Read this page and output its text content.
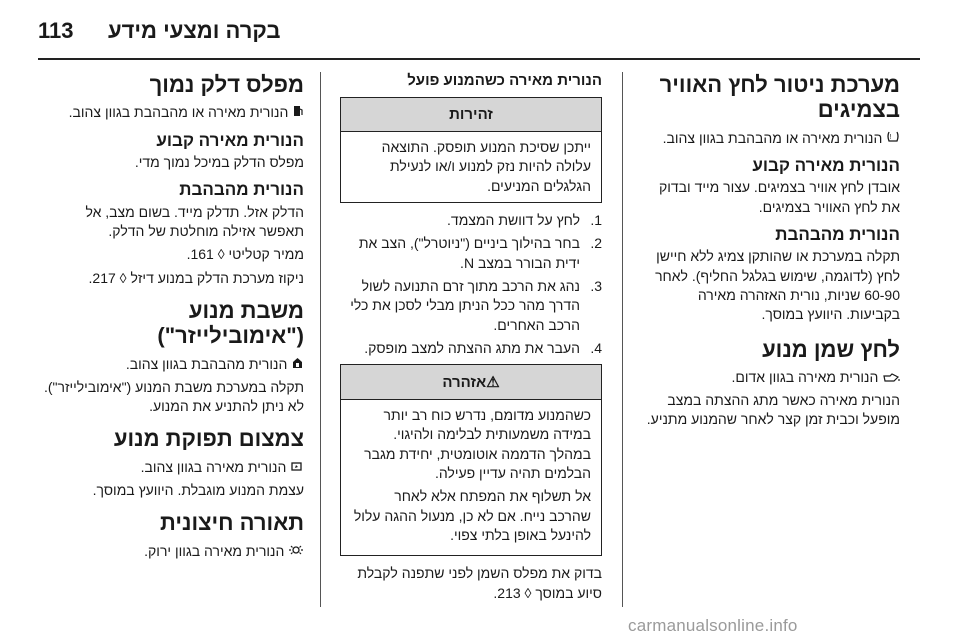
113 בקרה ומצעי מידע
מערכת ניטור לחץ האוויר בצמיגים

!
הנורית מאירה או מהבהבת בגוון צהוב.

הנורית מאירה קבוע

אובדן לחץ אוויר בצמיגים. עצור מייד ובדוק את לחץ האוויר בצמיגים.

הנורית מהבהבת

תקלה במערכת או שהותקן צמיג ללא חיישן לחץ (לדוגמה, שימוש בגלגל החליף). לאחר 60-90 שניות, נורית האזהרה מאירה בקביעות. היוועץ במוסך.

לחץ שמן מנוע

הנורית מאירה בגוון אדום.

הנורית מאירה כאשר מתג ההצתה במצב מופעל וכבית זמן קצר לאחר שהמנוע מתניע.

הנורית מאירה כשהמנוע פועל
זהירות
ייתכן שסיכת המנוע תופסק. התוצאה עלולה להיות נזק למנוע ו/או לנעילת הגלגלים המניעים.
1.
לחץ על דוושת המצמד.
2.
בחר בהילוך ביניים ("ניוטרל"), הצב את ידית הבורר במצב N.
3.
נהג את הרכב מתוך זרם התנועה לשול הדרך מהר ככל הניתן מבלי לסכן את כלי הרכב האחרים.
4.
העבר את מתג ההצתה למצב מופסק.
⚠אזהרה

כשהמנוע מדומם, נדרש כוח רב יותר במידה משמעותית לבלימה ולהיגוי. במהלך הדממה אוטומטית, יחידת מגבר הבלמים תהיה עדיין פעילה.

אל תשלוף את המפתח אלא לאחר שהרכב נייח. אם לא כן, מנעול ההגה עלול להינעל באופן בלתי צפוי.

בדוק את מפלס השמן לפני שתפנה לקבלת סיוע במוסך ◊ 213.

מפלס דלק נמוך

הנורית מאירה או מהבהבת בגוון צהוב.

הנורית מאירה קבוע

מפלס הדלק במיכל נמוך מדי.

הנורית מהבהבת

הדלק אזל. תדלק מייד. בשום מצב, אל תאפשר אזילה מוחלטת של הדלק.

ממיר קטליטי ◊ 161.

ניקוז מערכת הדלק במנוע דיזל ◊ 217.

משבת מנוע ("אימובילייזר")

הנורית מהבהבת בגוון צהוב.

תקלה במערכת משבת המנוע ("אימובילייזר"). לא ניתן להתניע את המנוע.

צמצום תפוקת מנוע

הנורית מאירה בגוון צהוב.

עצמת המנוע מוגבלת. היוועץ במוסך.

תאורה חיצונית

הנורית מאירה בגוון ירוק.

carmanualsonline.info
